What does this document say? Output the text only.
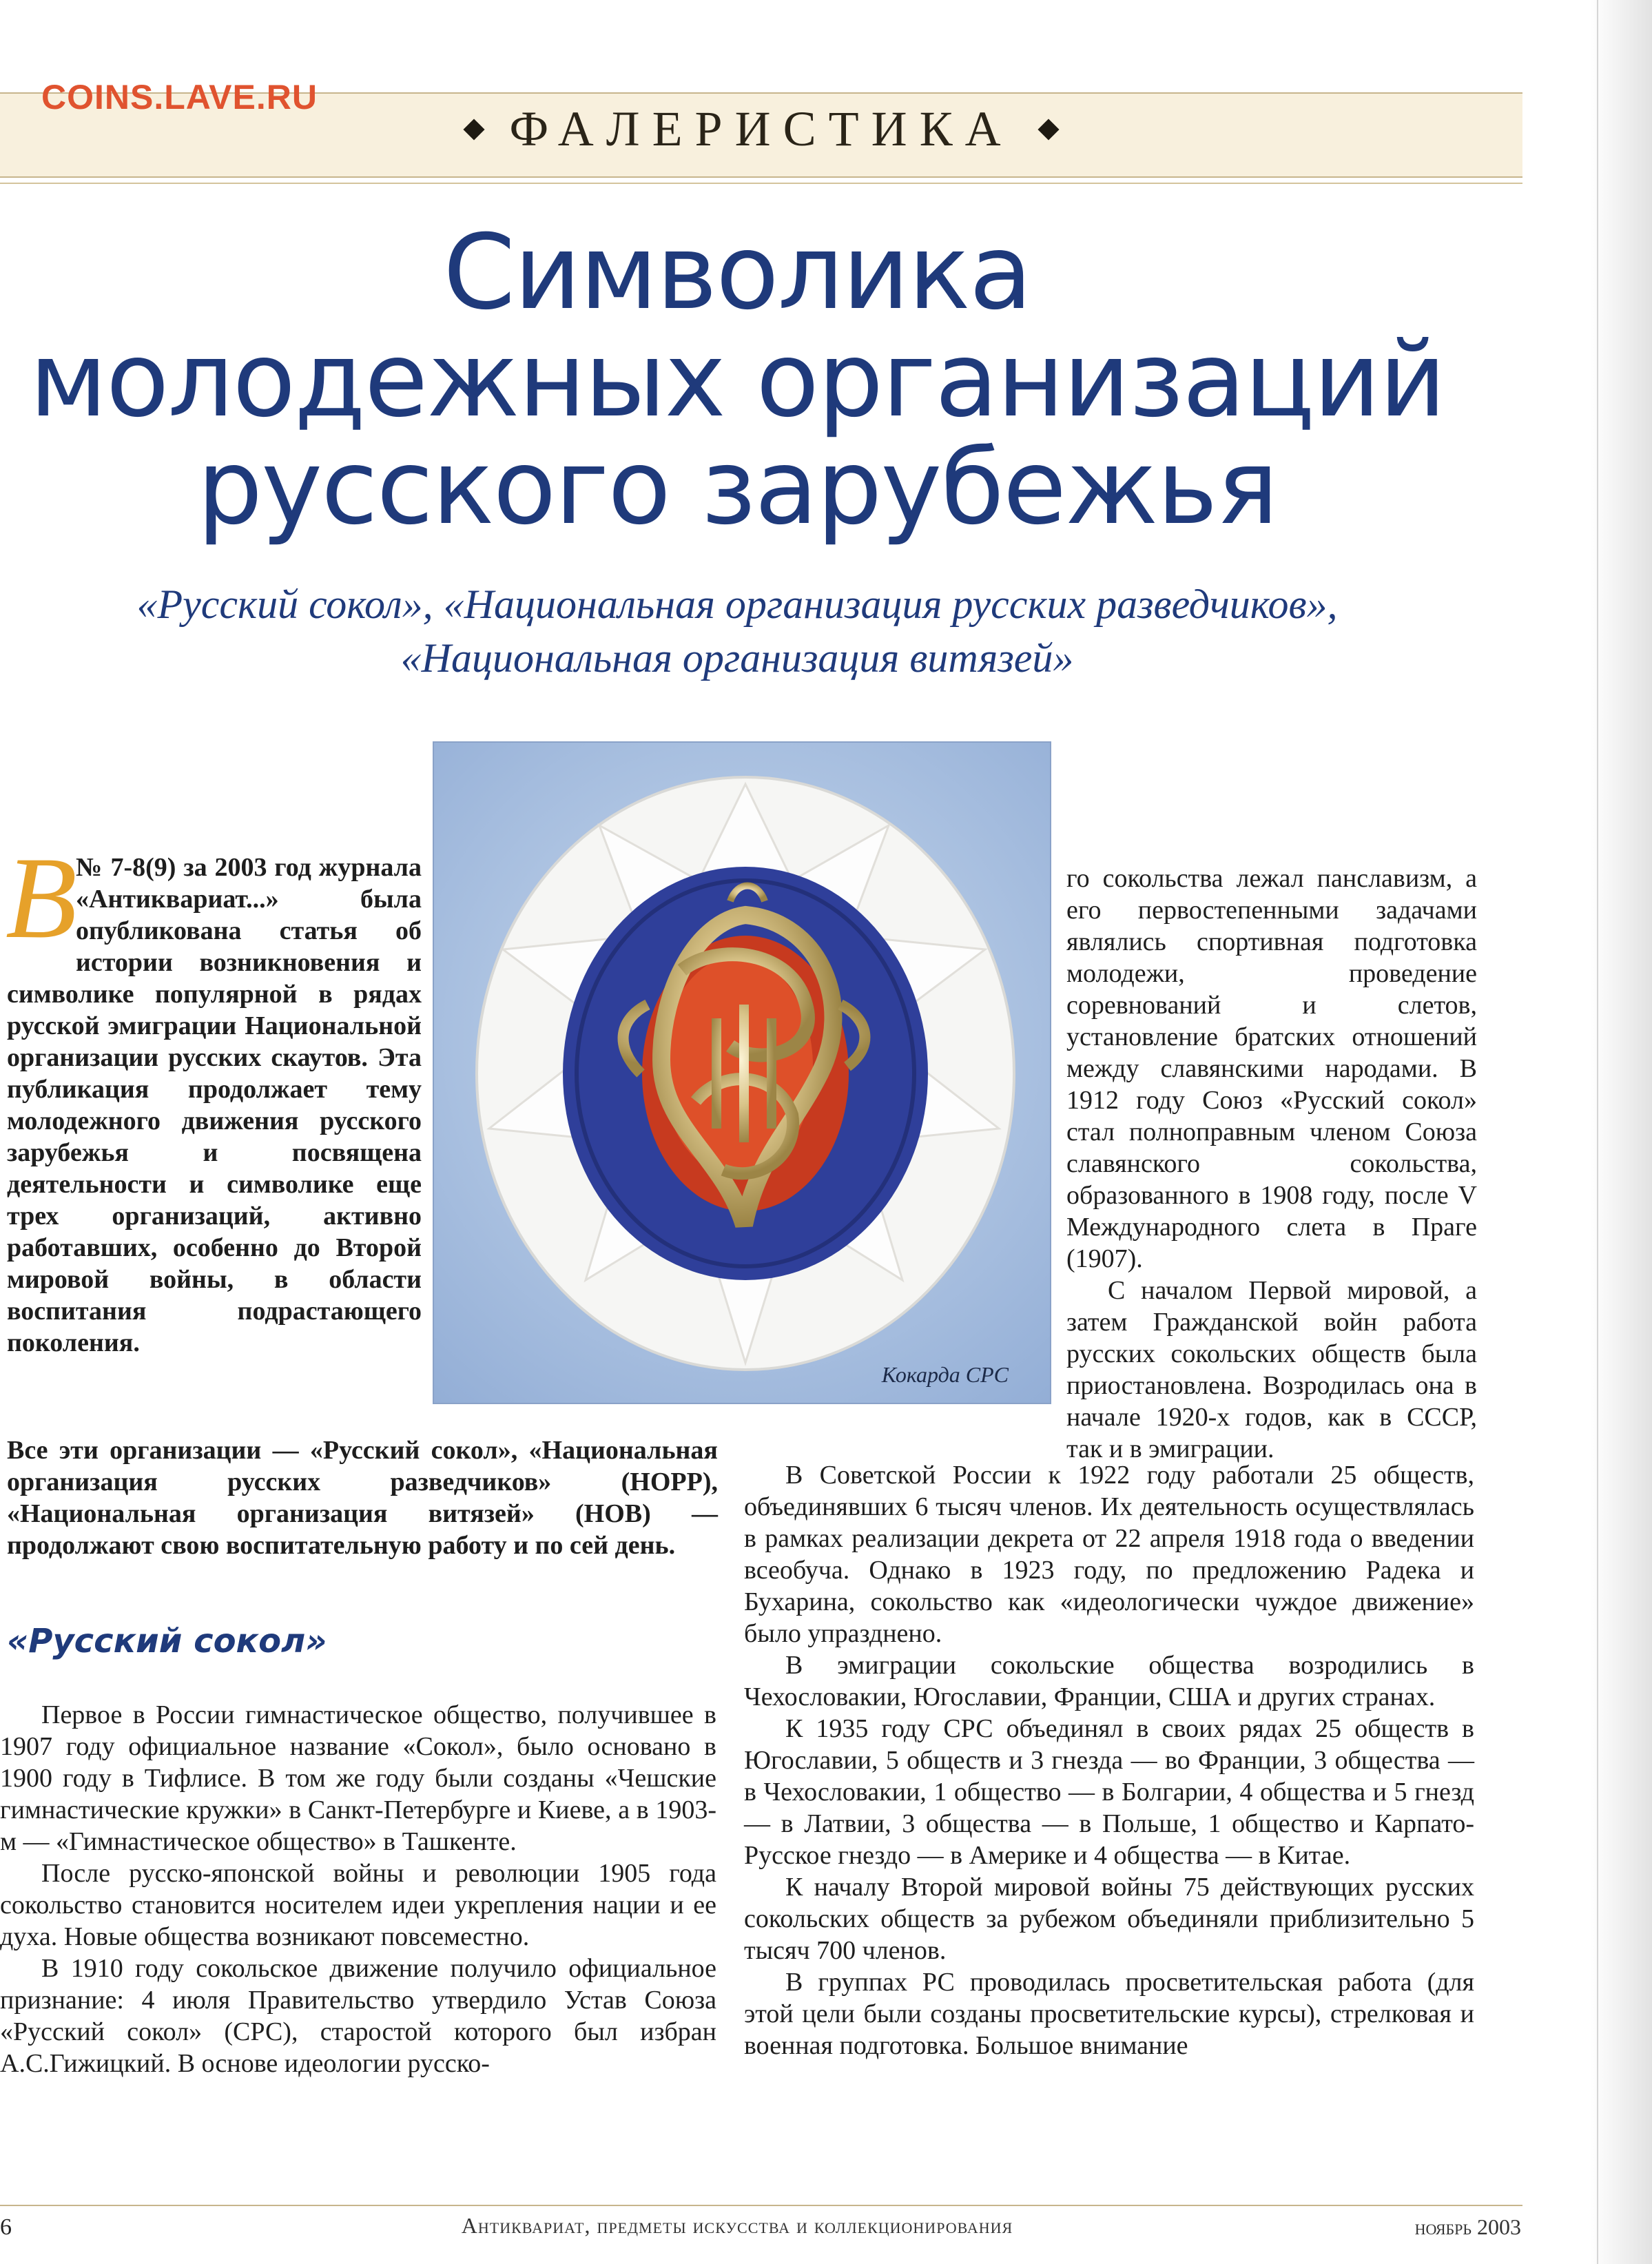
COINS.LAVE.RU
ФАЛЕРИСТИКА
Символика
молодежных организаций
русского зарубежья
«Русский сокол», «Национальная организация русских разведчиков»,
«Национальная организация витязей»
Кокарда СРС
В

№ 7-8(9) за 2003 год журнала «Антиквариат...» была опубликована статья об истории возникновения и символике популярной в рядах русской эмиграции Национальной организации русских скаутов. Эта публикация продолжает тему молодежного движения русского зарубежья и посвящена деятельности и символике еще трех организаций, активно работавших, особенно до Второй мировой войны, в области воспитания подрастающего поколения.

Все эти организации — «Русский сокол», «Национальная организация русских разведчиков» (НОРР), «Национальная организация витязей» (НОВ) — продолжают свою воспитательную работу и по сей день.

«Русский сокол»

Первое в России гимнастическое общество, получившее в 1907 году официальное название «Сокол», было основано в 1900 году в Тифлисе. В том же году были созданы «Чешские гимнастические кружки» в Санкт-Петербурге и Киеве, а в 1903-м — «Гимнастическое общество» в Ташкенте.

После русско-японской войны и революции 1905 года сокольство становится носителем идеи укрепления нации и ее духа. Новые общества возникают повсеместно.

В 1910 году сокольское движение получило официальное признание: 4 июля Правительство утвердило Устав Союза «Русский сокол» (СРС), старостой которого был избран А.С.Гижицкий. В основе идеологии русско-

го сокольства лежал панславизм, а его первостепенными задачами являлись спортивная подготовка молодежи, проведение соревнований и слетов, установление братских отношений между славянскими народами. В 1912 году Союз «Русский сокол» стал полноправным членом Союза славянского сокольства, образованного в 1908 году, после V Международного слета в Праге (1907).

С началом Первой мировой, а затем Гражданской войн работа русских сокольских обществ была приостановлена. Возродилась она в начале 1920-х годов, как в СССР, так и в эмиграции.

В Советской России к 1922 году работали 25 обществ, объединявших 6 тысяч членов. Их деятельность осуществлялась в рамках реализации декрета от 22 апреля 1918 года о введении всеобуча. Однако в 1923 году, по предложению Радека и Бухарина, сокольство как «идеологически чуждое движение» было упразднено.

В эмиграции сокольские общества возродились в Чехословакии, Югославии, Франции, США и других странах.

К 1935 году СРС объединял в своих рядах 25 обществ в Югославии, 5 обществ и 3 гнезда — во Франции, 3 общества — в Чехословакии, 1 общество — в Болгарии, 4 общества и 5 гнезд — в Латвии, 3 общества — в Польше, 1 общество и Карпато-Русское гнездо — в Америке и 4 общества — в Китае.

К началу Второй мировой войны 75 действующих русских сокольских обществ за рубежом объединяли приблизительно 5 тысяч 700 членов.

В группах РС проводилась просветительская работа (для этой цели были созданы просветительские курсы), стрелковая и военная подготовка. Большое внимание

6	Антиквариат, предметы искусства и коллекционирования	ноябрь 2003
